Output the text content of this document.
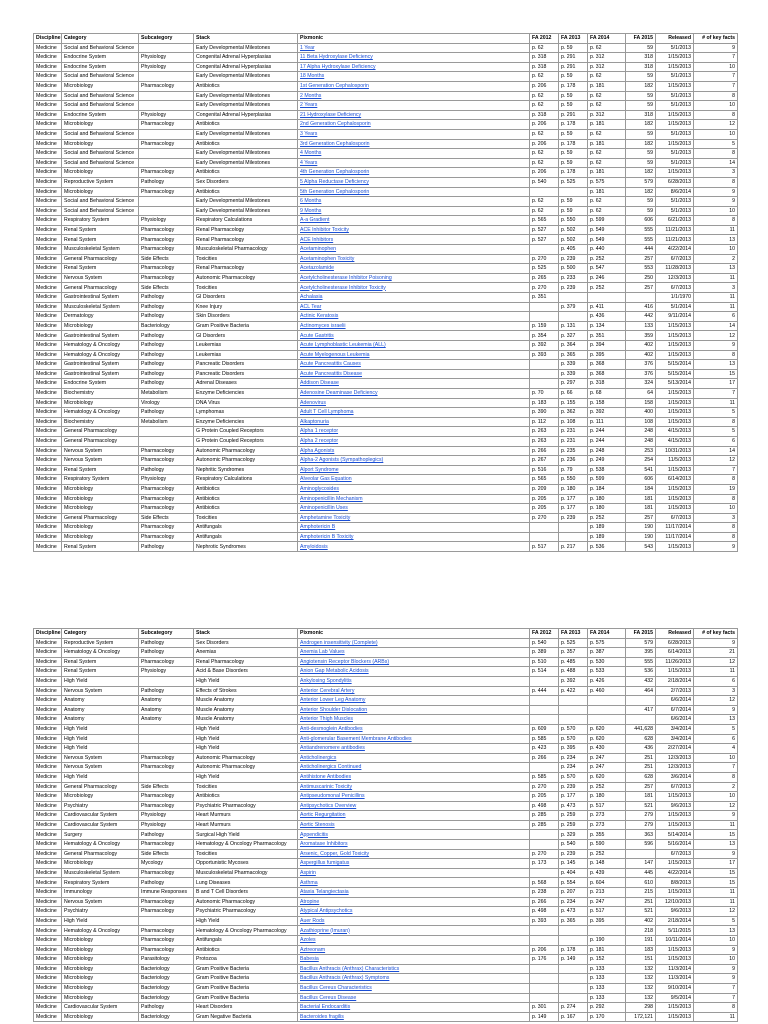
Discipline	Category	Subcategory	Stack	Pixmonic	FA 2012	FA 2013	FA 2014	FA 2015	Released	# of key facts
Medicine	Social and Behavioral Science		Early Developmental Milestones	1 Year	p. 62	p. 59	p. 62	59	5/1/2013	9
Medicine	Endocrine System	Physiology	Congenital Adrenal Hyperplasias	11 Beta Hydroxylase Deficiency	p. 318	p. 291	p. 312	318	1/15/2013	7
Medicine	Endocrine System	Physiology	Congenital Adrenal Hyperplasias	17 Alpha Hydroxylase Deficiency	p. 318	p. 291	p. 312	318	1/15/2013	10
Medicine	Social and Behavioral Science		Early Developmental Milestones	18 Months	p. 62	p. 59	p. 62	59	5/1/2013	7
Medicine	Microbiology	Pharmacology	Antibiotics	1st Generation Cephalosporin	p. 206	p. 178	p. 181	182	1/15/2013	7
Medicine	Social and Behavioral Science		Early Developmental Milestones	2 Months	p. 62	p. 59	p. 62	59	5/1/2013	8
Medicine	Social and Behavioral Science		Early Developmental Milestones	2 Years	p. 62	p. 59	p. 62	59	5/1/2013	10
Medicine	Endocrine System	Physiology	Congenital Adrenal Hyperplasias	21 Hydroxylase Deficiency	p. 318	p. 291	p. 312	318	1/15/2013	8
Medicine	Microbiology	Pharmacology	Antibiotics	2nd Generation Cephalosporin	p. 206	p. 178	p. 181	182	1/15/2013	12
Medicine	Social and Behavioral Science		Early Developmental Milestones	3 Years	p. 62	p. 59	p. 62	59	5/1/2013	10
Medicine	Microbiology	Pharmacology	Antibiotics	3rd Generation Cephalosporin	p. 206	p. 178	p. 181	182	1/15/2013	5
Medicine	Social and Behavioral Science		Early Developmental Milestones	4 Months	p. 62	p. 59	p. 62	59	5/1/2013	8
Medicine	Social and Behavioral Science		Early Developmental Milestones	4 Years	p. 62	p. 59	p. 62	59	5/1/2013	14
Medicine	Microbiology	Pharmacology	Antibiotics	4th Generation Cephalosporin	p. 206	p. 178	p. 181	182	1/15/2013	3
Medicine	Reproductive System	Pathology	Sex Disorders	5 Alpha Reductase Deficiency	p. 540	p. 525	p. 575	579	6/28/2013	8
Medicine	Microbiology	Pharmacology	Antibiotics	5th Generation Cephalosporin			p. 181	182	8/6/2014	9
Medicine	Social and Behavioral Science		Early Developmental Milestones	6 Months	p. 62	p. 59	p. 62	59	5/1/2013	9
Medicine	Social and Behavioral Science		Early Developmental Milestones	9 Months	p. 62	p. 59	p. 62	59	5/1/2013	10
Medicine	Respiratory System	Physiology	Respiratory Calculations	A-a Gradient	p. 565	p. 550	p. 599	606	6/21/2013	8
Medicine	Renal System	Pharmacology	Renal Pharmacology	ACE Inhibitor Toxicity	p. 527	p. 502	p. 549	555	11/21/2013	11
Medicine	Renal System	Pharmacology	Renal Pharmacology	ACE Inhibitors	p. 527	p. 502	p. 549	555	11/21/2013	13
Medicine	Musculoskeletal System	Pharmacology	Musculoskeletal Pharmacology	Acetaminophen		p. 405	p. 440	444	4/22/2014	10
Medicine	General Pharmacology	Side Effects	Toxicities	Acetaminophen Toxicity	p. 270	p. 239	p. 252	257	6/7/2013	2
Medicine	Renal System	Pharmacology	Renal Pharmacology	Acetazolamide	p. 525	p. 500	p. 547	553	11/28/2013	13
Medicine	Nervous System	Pharmacology	Autonomic Pharmacology	Acetylcholinesterase Inhibitor Poisoning	p. 265	p. 233	p. 246	250	12/3/2013	11
Medicine	General Pharmacology	Side Effects	Toxicities	Acetylcholinesterase Inhibitor Toxicity	p. 270	p. 239	p. 252	257	6/7/2013	3
Medicine	Gastrointestinal System	Pathology	GI Disorders	Achalasia	p. 351				1/1/1970	11
Medicine	Musculoskeletal System	Pathology	Knee Injury	ACL Tear		p. 379	p. 411	416	5/1/2014	11
Medicine	Dermatology	Pathology	Skin Disorders	Actinic Keratosis			p. 436	442	9/11/2014	6
Medicine	Microbiology	Bacteriology	Gram Positive Bacteria	Actinomyces israelii	p. 159	p. 131	p. 134	133	1/15/2013	14
Medicine	Gastrointestinal System	Pathology	GI Disorders	Acute Gastritis	p. 354	p. 327	p. 351	359	1/15/2013	12
Medicine	Hematology & Oncology	Pathology	Leukemias	Acute Lymphoblastic Leukemia (ALL)	p. 392	p. 364	p. 394	402	1/15/2013	9
Medicine	Hematology & Oncology	Pathology	Leukemias	Acute Myelogenous Leukemia	p. 393	p. 365	p. 395	402	1/15/2013	8
Medicine	Gastrointestinal System	Pathology	Pancreatic Disorders	Acute Pancreatitis Causes		p. 339	p. 368	376	5/15/2014	13
Medicine	Gastrointestinal System	Pathology	Pancreatic Disorders	Acute Pancreatitis Disease		p. 339	p. 368	376	5/15/2014	15
Medicine	Endocrine System	Pathology	Adrenal Diseases	Addison Disease		p. 297	p. 318	324	5/13/2014	17
Medicine	Biochemistry	Metabolism	Enzyme Deficiencies	Adenosine Deaminase Deficiency	p. 70	p. 66	p. 68	64	1/15/2013	7
Medicine	Microbiology	Virology	DNA Virus	Adenovirus	p. 183	p. 155	p. 158	158	1/15/2013	11
Medicine	Hematology & Oncology	Pathology	Lymphomas	Adult T Cell Lymphoma	p. 390	p. 362	p. 392	400	1/15/2013	5
Medicine	Biochemistry	Metabolism	Enzyme Deficiencies	Alkaptonuria	p. 112	p. 108	p. 111	108	1/15/2013	8
Medicine	General Pharmacology		G Protein Coupled Receptors	Alpha 1 receptor	p. 263	p. 231	p. 244	248	4/15/2013	5
Medicine	General Pharmacology		G Protein Coupled Receptors	Alpha 2 receptor	p. 263	p. 231	p. 244	248	4/15/2013	6
Medicine	Nervous System	Pharmacology	Autonomic Pharmacology	Alpha Agonists	p. 266	p. 235	p. 248	253	10/31/2013	14
Medicine	Nervous System	Pharmacology	Autonomic Pharmacology	Alpha-2 Agonists (Sympathoplegics)	p. 267	p. 236	p. 249	254	11/5/2013	12
Medicine	Renal System	Pathology	Nephritic Syndromes	Alport Syndrome	p. 516	p. 79	p. 538	541	1/15/2013	7
Medicine	Respiratory System	Physiology	Respiratory Calculations	Alveolar Gas Equation	p. 565	p. 550	p. 599	606	6/14/2013	8
Medicine	Microbiology	Pharmacology	Antibiotics	Aminoglycosides	p. 209	p. 180	p. 184	184	1/15/2013	19
Medicine	Microbiology	Pharmacology	Antibiotics	Aminopenicillin Mechanism	p. 205	p. 177	p. 180	181	1/15/2013	8
Medicine	Microbiology	Pharmacology	Antibiotics	Aminopenicillin Uses	p. 205	p. 177	p. 180	181	1/15/2013	10
Medicine	General Pharmacology	Side Effects	Toxicities	Amphetamine Toxicity	p. 270	p. 239	p. 252	257	6/7/2013	3
Medicine	Microbiology	Pharmacology	Antifungals	Amphotericin B			p. 189	190	11/17/2014	8
Medicine	Microbiology	Pharmacology	Antifungals	Amphotericin B Toxicity			p. 189	190	11/17/2014	8
Medicine	Renal System	Pathology	Nephrotic Syndromes	Amyloidosis	p. 517	p. 217	p. 536	543	1/15/2013	9
Discipline	Category	Subcategory	Stack	Pixmonic	FA 2012	FA 2013	FA 2014	FA 2015	Released	# of key facts
Medicine	Reproductive System	Pathology	Sex Disorders	Androgen insensitivity (Complete)	p. 540	p. 525	p. 575	579	6/28/2013	9
Medicine	Hematology & Oncology	Pathology	Anemias	Anemia Lab Values	p. 389	p. 357	p. 387	395	6/14/2013	21
Medicine	Renal System	Pharmacology	Renal Pharmacology	Angiotensin Receptor Blockers (ARBs)	p. 510	p. 485	p. 530	555	11/26/2013	12
Medicine	Renal System	Physiology	Acid & Base Disorders	Anion Gap Metabolic Acidosis	p. 514	p. 488	p. 533	536	1/15/2013	11
Medicine	High Yield		High Yield	Ankylosing Spondylitis		p. 392	p. 426	432	2/18/2014	6
Medicine	Nervous System	Pathology	Effects of Strokes	Anterior Cerebral Artery	p. 444	p. 422	p. 460	464	2/7/2013	3
Medicine	Anatomy	Anatomy	Muscle Anatomy	Anterior Lower Leg Anatomy					6/6/2014	12
Medicine	Anatomy	Anatomy	Muscle Anatomy	Anterior Shoulder Dislocation				417	6/7/2014	9
Medicine	Anatomy	Anatomy	Muscle Anatomy	Anterior Thigh Muscles					6/6/2014	13
Medicine	High Yield		High Yield	Anti-desmoglein Antibodies	p. 609	p. 570	p. 620	441,628	3/4/2014	5
Medicine	High Yield		High Yield	Anti-glomerular Basement Membrane Antibodies	p. 585	p. 570	p. 620	628	3/4/2014	6
Medicine	High Yield		High Yield	Antiandrenomere antibodies	p. 423	p. 395	p. 430	436	2/27/2014	4
Medicine	Nervous System	Pharmacology	Autonomic Pharmacology	Anticholinergics	p. 266	p. 234	p. 247	251	12/3/2013	10
Medicine	Nervous System	Pharmacology	Autonomic Pharmacology	Anticholinergics Continued		p. 234	p. 247	251	12/3/2013	7
Medicine	High Yield		High Yield	Antihistone Antibodies	p. 585	p. 570	p. 620	628	3/6/2014	8
Medicine	General Pharmacology	Side Effects	Toxicities	Antimuscarinic Toxicity	p. 270	p. 239	p. 252	257	6/7/2013	2
Medicine	Microbiology	Pharmacology	Antibiotics	Antipseudomonal Penicillins	p. 205	p. 177	p. 180	181	1/15/2013	10
Medicine	Psychiatry	Pharmacology	Psychiatric Pharmacology	Antipsychotics Overview	p. 498	p. 473	p. 517	521	9/6/2013	12
Medicine	Cardiovascular System	Physiology	Heart Murmurs	Aortic Regurgitation	p. 285	p. 259	p. 273	279	1/15/2013	9
Medicine	Cardiovascular System	Physiology	Heart Murmurs	Aortic Stenosis	p. 285	p. 259	p. 273	279	1/15/2013	11
Medicine	Surgery	Pathology	Surgical High Yield	Appendicitis		p. 329	p. 355	363	5/14/2014	15
Medicine	Hematology & Oncology	Pharmacology	Hematology & Oncology Pharmacology	Aromatase Inhibitors		p. 540	p. 590	596	5/16/2014	13
Medicine	General Pharmacology	Side Effects	Toxicities	Arsenic, Copper, Gold Toxicity	p. 270	p. 239	p. 252		6/7/2013	9
Medicine	Microbiology	Mycology	Opportunistic Mycoses	Aspergillus fumigatus	p. 173	p. 145	p. 148	147	1/15/2013	17
Medicine	Musculoskeletal System	Pharmacology	Musculoskeletal Pharmacology	Aspirin		p. 404	p. 439	445	4/22/2014	15
Medicine	Respiratory System	Pathology	Lung Diseases	Asthma	p. 568	p. 554	p. 604	610	8/8/2013	15
Medicine	Immunology	Immune Responses	B and T Cell Disorders	Ataxia Telangiectasia	p. 238	p. 207	p. 213	215	1/15/2013	11
Medicine	Nervous System	Pharmacology	Autonomic Pharmacology	Atropine	p. 266	p. 234	p. 247	251	12/10/2013	11
Medicine	Psychiatry	Pharmacology	Psychiatric Pharmacology	Atypical Antipsychotics	p. 498	p. 473	p. 517	521	9/6/2013	12
Medicine	High Yield		High Yield	Auer Rods	p. 393	p. 365	p. 395	402	2/18/2014	5
Medicine	Hematology & Oncology	Pharmacology	Hematology & Oncology Pharmacology	Azathioprine (Imuran)				218	5/11/2015	13
Medicine	Microbiology	Pharmacology	Antifungals	Azoles			p. 190	191	10/11/2014	10
Medicine	Microbiology	Pharmacology	Antibiotics	Aztreonam	p. 206	p. 178	p. 181	183	1/15/2013	9
Medicine	Microbiology	Parasitology	Protozoa	Babesia	p. 176	p. 149	p. 152	151	1/15/2013	10
Medicine	Microbiology	Bacteriology	Gram Positive Bacteria	Bacillus Anthracis (Anthrax) Characteristics			p. 133	132	11/3/2014	9
Medicine	Microbiology	Bacteriology	Gram Positive Bacteria	Bacillus Anthracis (Anthrax) Symptoms			p. 133	132	11/3/2014	9
Medicine	Microbiology	Bacteriology	Gram Positive Bacteria	Bacillus Cereus Characteristics			p. 133	132	9/10/2014	7
Medicine	Microbiology	Bacteriology	Gram Positive Bacteria	Bacillus Cereus Disease			p. 133	132	9/5/2014	7
Medicine	Cardiovascular System	Pathology	Heart Disorders	Bacterial Endocarditis	p. 301	p. 274	p. 292	298	1/15/2013	8
Medicine	Microbiology	Bacteriology	Gram Negative Bacteria	Bacteroides fragilis	p. 149	p. 167	p. 170	172,121	1/15/2013	11
